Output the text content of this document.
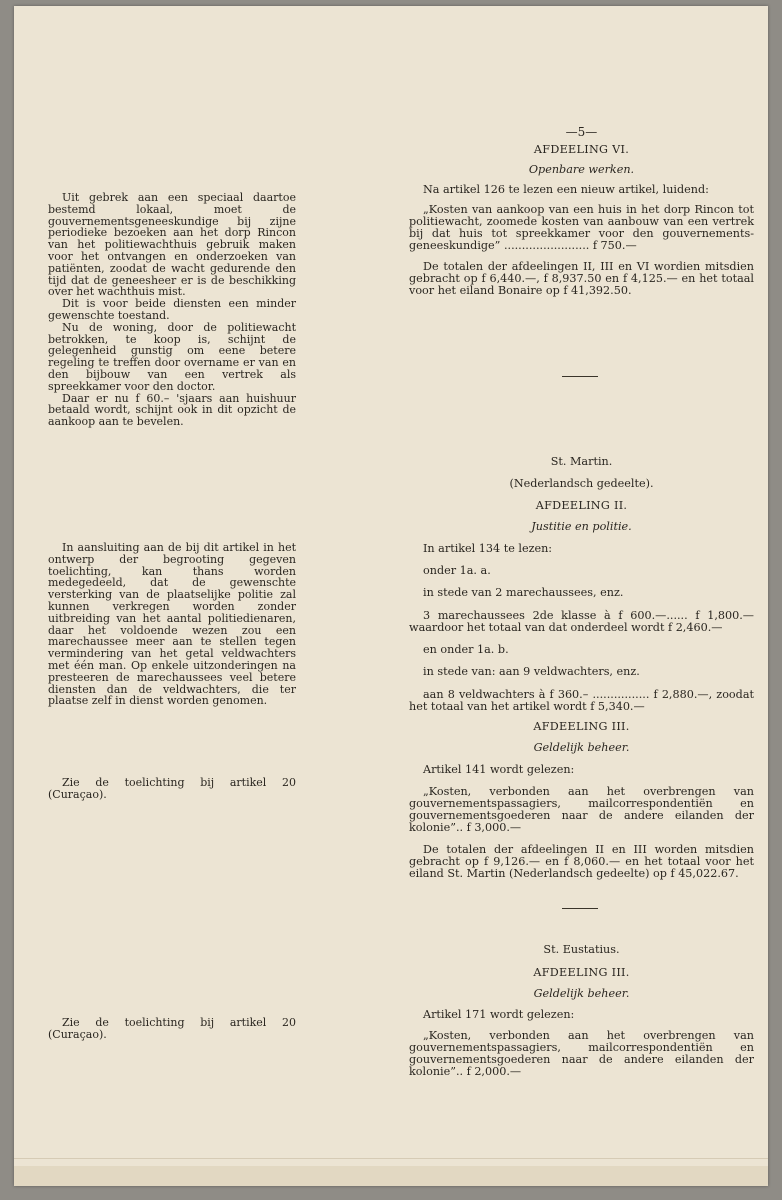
Uit gebrek aan een speciaal daartoe bestemd lokaal, moet de gouvernementsgeneeskundige bij zijne periodieke bezoeken aan het dorp Rincon van het politiewachthuis gebruik maken voor het ontvangen en onderzoeken van patiënten, zoodat de wacht gedurende den tijd dat de geneesheer er is de beschikking over het wachthuis mist.

Dit is voor beide diensten een minder gewenschte toestand.

Nu de woning, door de politiewacht betrokken, te koop is, schijnt de gelegenheid gunstig om eene betere regeling te treffen door overname er van en den bijbouw van een vertrek als spreekkamer voor den doctor.

Daar er nu f 60.– 'sjaars aan huishuur betaald wordt, schijnt ook in dit opzicht de aankoop aan te bevelen.

In aansluiting aan de bij dit artikel in het ontwerp der begrooting gegeven toelichting, kan thans worden medegedeeld, dat de gewenschte versterking van de plaatselijke politie zal kunnen verkregen worden zonder uitbreiding van het aantal politiedienaren, daar het voldoende wezen zou een marechaussee meer aan te stellen tegen vermindering van het getal veldwachters met één man. Op enkele uitzonderingen na presteeren de marechaussees veel betere diensten dan de veldwachters, die ter plaatse zelf in dienst worden genomen.

Zie de toelichting bij artikel 20 (Curaçao).

Zie de toelichting bij artikel 20 (Curaçao).

—5—
AFDEELING VI.
Openbare werken.
Na artikel 126 te lezen een nieuw artikel, luidend:
„Kosten van aankoop van een huis in het dorp Rincon tot politiewacht, zoomede kosten van aanbouw van een vertrek bij dat huis tot spreekkamer voor den gouvernements-geneeskundige” ........................ f 750.—
De totalen der afdeelingen II, III en VI wordien mitsdien gebracht op f 6,440.—, f 8,937.50 en f 4,125.— en het totaal voor het eiland Bonaire op f 41,392.50.
St. Martin.
(Nederlandsch gedeelte).
AFDEELING II.
Justitie en politie.
In artikel 134 te lezen:
onder 1a. a.
in stede van 2 marechaussees, enz.
3 marechaussees 2de klasse à f 600.—...... f 1,800.— waardoor het totaal van dat onderdeel wordt f 2,460.—
en onder 1a. b.
in stede van: aan 9 veldwachters, enz.
aan 8 veldwachters à f 360.– ................ f 2,880.—, zoodat het totaal van het artikel wordt f 5,340.—
AFDEELING III.
Geldelijk beheer.
Artikel 141 wordt gelezen:
„Kosten, verbonden aan het overbrengen van gouvernementspassagiers, mailcorrespondentiën en gouvernementsgoederen naar de andere eilanden der kolonie”.. f 3,000.—
De totalen der afdeelingen II en III worden mitsdien gebracht op f 9,126.— en f 8,060.— en het totaal voor het eiland St. Martin (Nederlandsch gedeelte) op f 45,022.67.
St. Eustatius.
AFDEELING III.
Geldelijk beheer.
Artikel 171 wordt gelezen:
„Kosten, verbonden aan het overbrengen van gouvernementspassagiers, mailcorrespondentiën en gouvernementsgoederen naar de andere eilanden der kolonie”.. f 2,000.—
